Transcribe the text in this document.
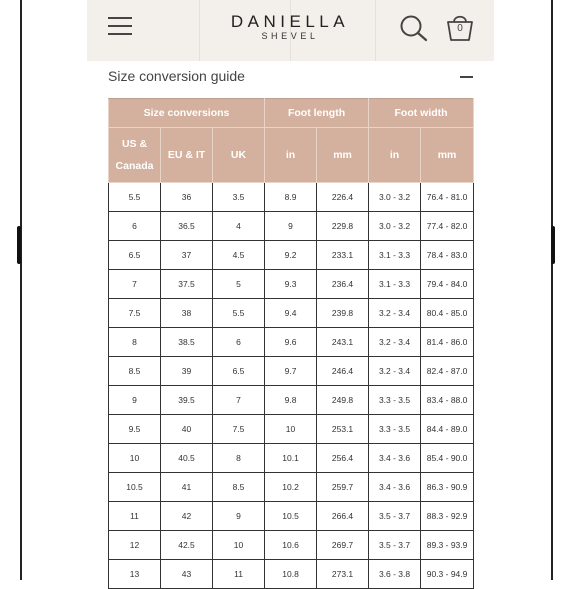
DANIELLA
SHEVEL
0
Size conversion guide
Size conversions			Foot length		Foot width	
US & Canada	EU & IT	UK	in	mm	in	mm
5.5	36	3.5	8.9	226.4	3.0 - 3.2	76.4 - 81.0
6	36.5	4	9	229.8	3.0 - 3.2	77.4 - 82.0
6.5	37	4.5	9.2	233.1	3.1 - 3.3	78.4 - 83.0
7	37.5	5	9.3	236.4	3.1 - 3.3	79.4 - 84.0
7.5	38	5.5	9.4	239.8	3.2 - 3.4	80.4 - 85.0
8	38.5	6	9.6	243.1	3.2 - 3.4	81.4 - 86.0
8.5	39	6.5	9.7	246.4	3.2 - 3.4	82.4 - 87.0
9	39.5	7	9.8	249.8	3.3 - 3.5	83.4 - 88.0
9.5	40	7.5	10	253.1	3.3 - 3.5	84.4 - 89.0
10	40.5	8	10.1	256.4	3.4 - 3.6	85.4 - 90.0
10.5	41	8.5	10.2	259.7	3.4 - 3.6	86.3 - 90.9
11	42	9	10.5	266.4	3.5 - 3.7	88.3 - 92.9
12	42.5	10	10.6	269.7	3.5 - 3.7	89.3 - 93.9
13	43	11	10.8	273.1	3.6 - 3.8	90.3 - 94.9
